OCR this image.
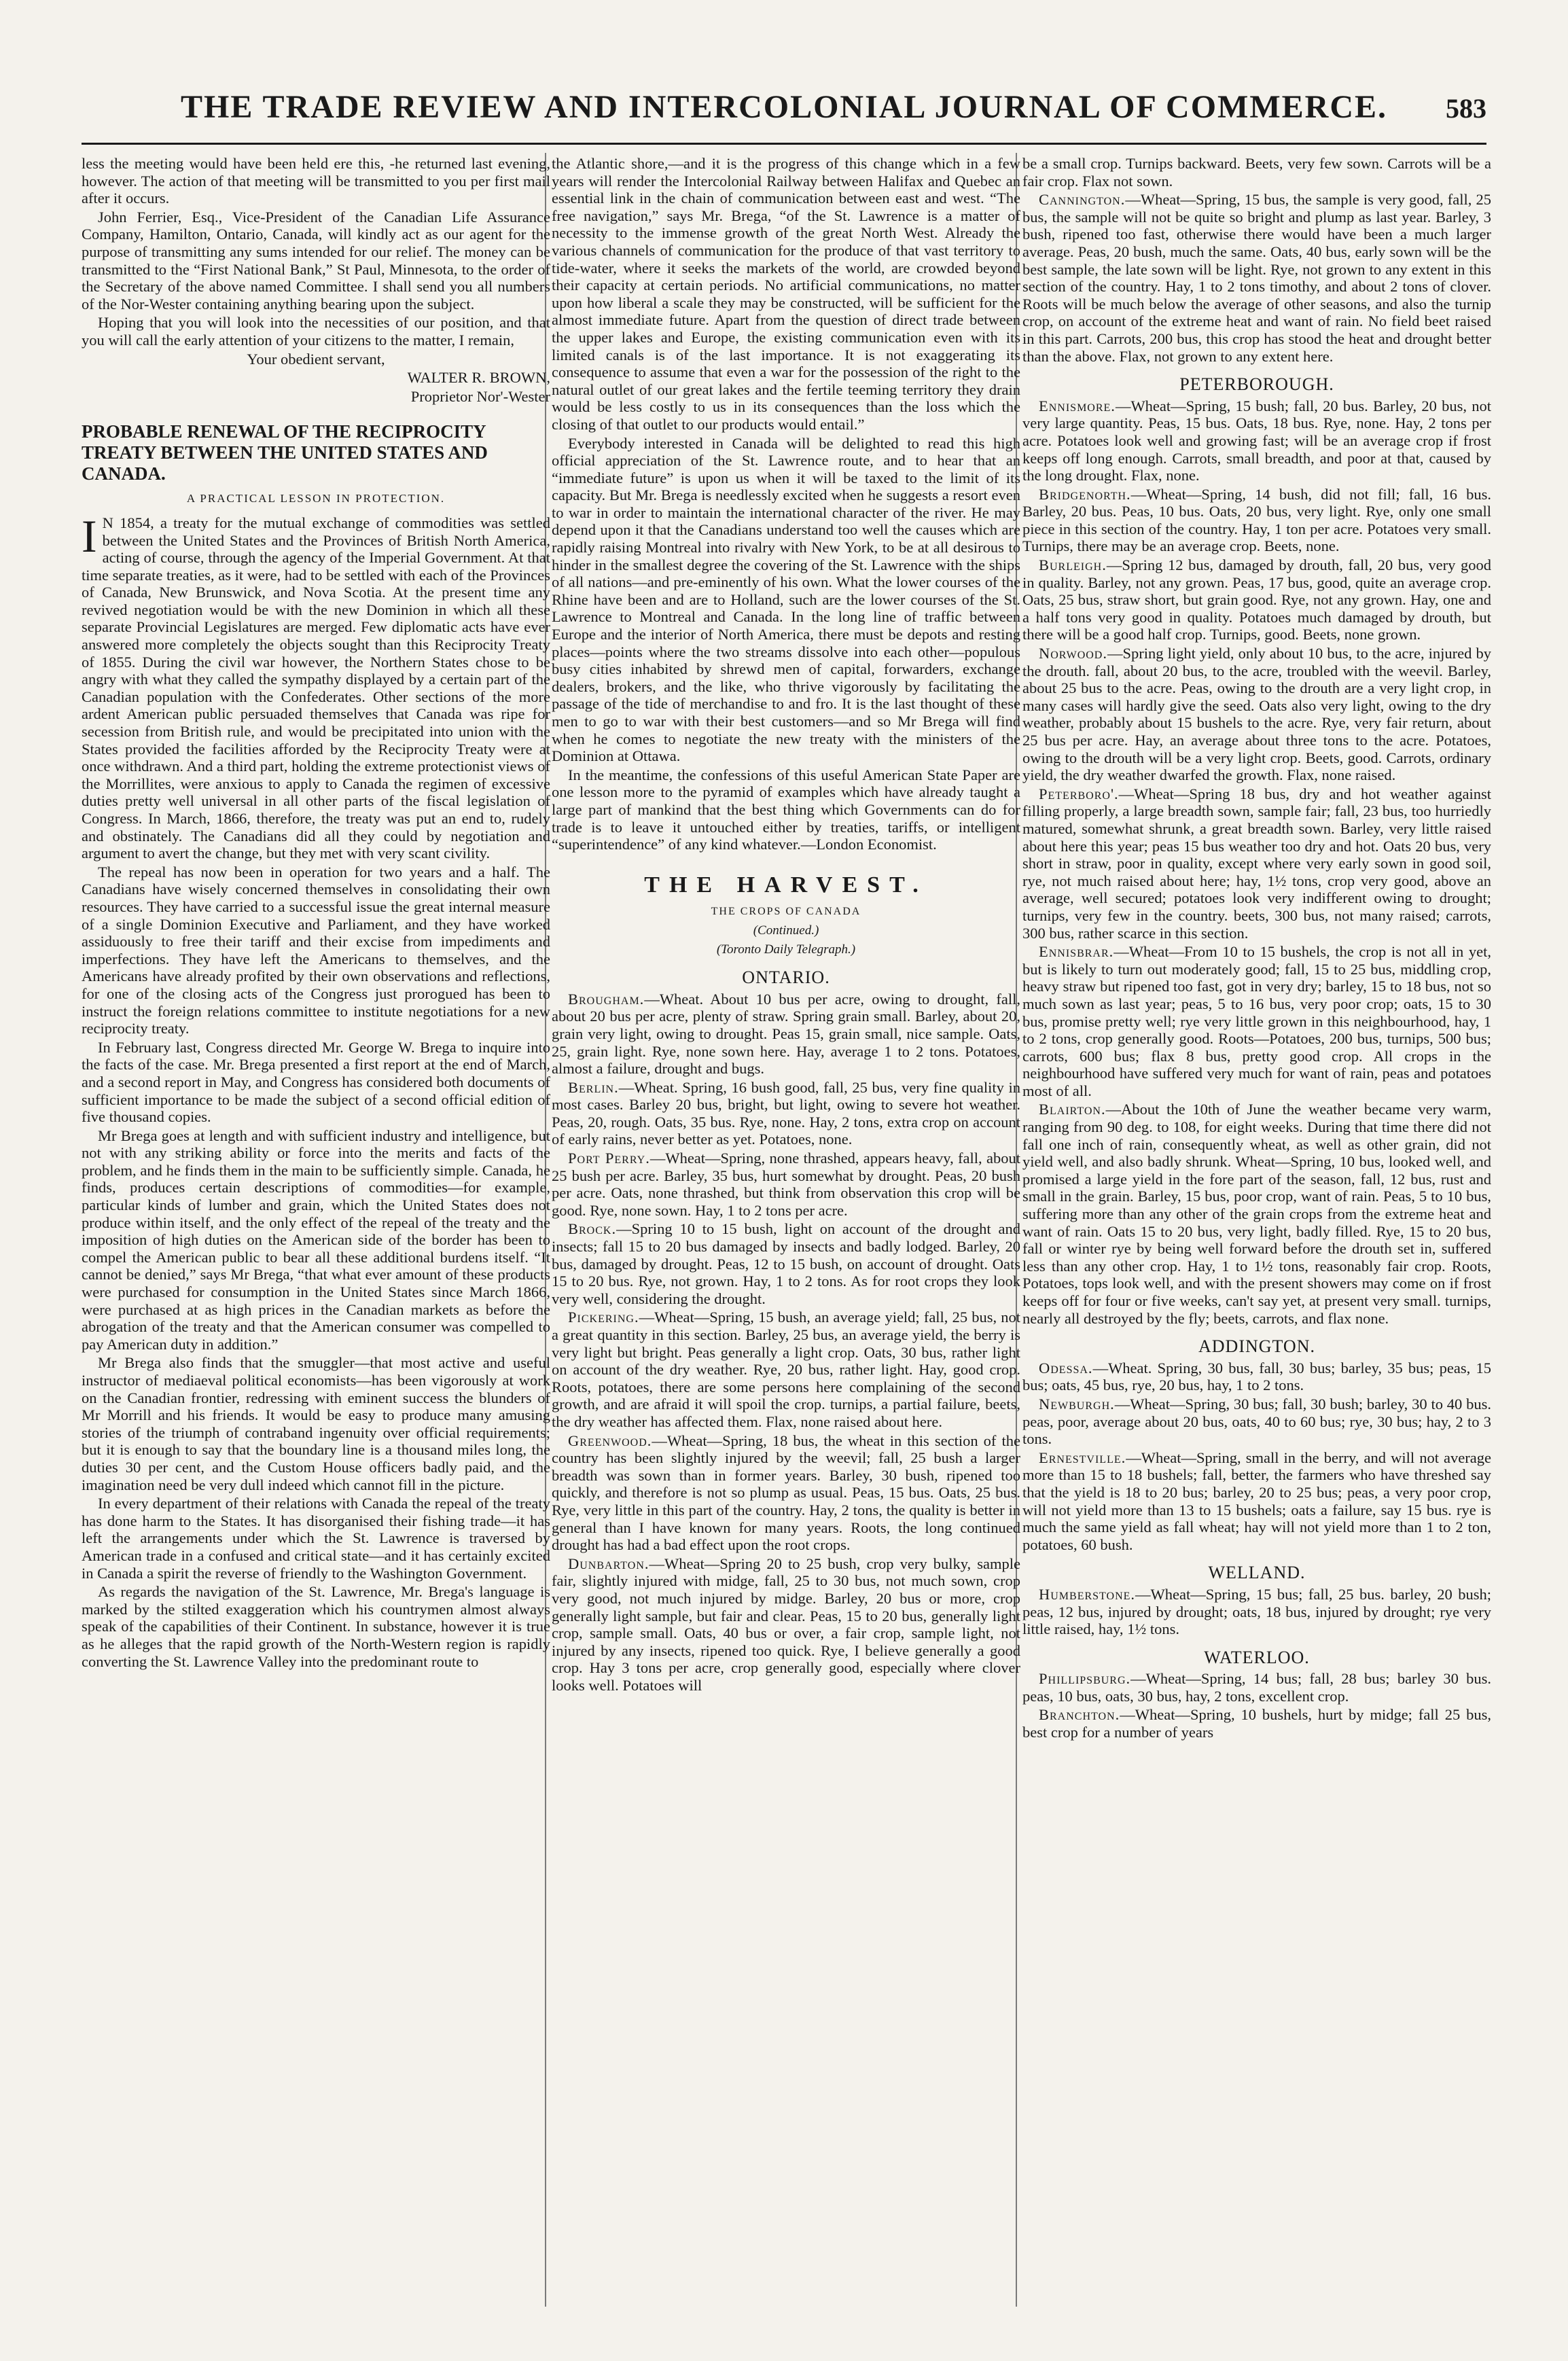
THE TRADE REVIEW AND INTERCOLONIAL JOURNAL OF COMMERCE.	583

less the meeting would have been held ere this, -he returned last evening, however. The action of that meeting will be transmitted to you per first mail after it occurs.

John Ferrier, Esq., Vice-President of the Canadian Life Assurance Company, Hamilton, Ontario, Canada, will kindly act as our agent for the purpose of transmitting any sums intended for our relief. The money can be transmitted to the “First National Bank,” St Paul, Minnesota, to the order of the Secretary of the above named Committee. I shall send you all numbers of the Nor-Wester containing anything bearing upon the subject.

Hoping that you will look into the necessities of our position, and that you will call the early attention of your citizens to the matter, I remain,

Your obedient servant,

WALTER R. BROWN,

Proprietor Nor'-Wester

PROBABLE RENEWAL OF THE RECIPROCITY TREATY BETWEEN THE UNITED STATES AND CANADA.
A PRACTICAL LESSON IN PROTECTION.

I N 1854, a treaty for the mutual exchange of commodities was settled between the United States and the Provinces of British North America, acting of course, through the agency of the Imperial Government. At that time separate treaties, as it were, had to be settled with each of the Provinces of Canada, New Brunswick, and Nova Scotia. At the present time any revived negotiation would be with the new Dominion in which all these separate Provincial Legislatures are merged. Few diplomatic acts have ever answered more completely the objects sought than this Reciprocity Treaty of 1855. During the civil war however, the Northern States chose to be angry with what they called the sympathy displayed by a certain part of the Canadian population with the Confederates. Other sections of the more ardent American public persuaded themselves that Canada was ripe for secession from British rule, and would be precipitated into union with the States provided the facilities afforded by the Reciprocity Treaty were at once withdrawn. And a third part, holding the extreme protectionist views of the Morrillites, were anxious to apply to Canada the regimen of excessive duties pretty well universal in all other parts of the fiscal legislation of Congress. In March, 1866, therefore, the treaty was put an end to, rudely and obstinately. The Canadians did all they could by negotiation and argument to avert the change, but they met with very scant civility.

The repeal has now been in operation for two years and a half. The Canadians have wisely concerned themselves in consolidating their own resources. They have carried to a successful issue the great internal measure of a single Dominion Executive and Parliament, and they have worked assiduously to free their tariff and their excise from impediments and imperfections. They have left the Americans to themselves, and the Americans have already profited by their own observations and reflections, for one of the closing acts of the Congress just prorogued has been to instruct the foreign relations committee to institute negotiations for a new reciprocity treaty.

In February last, Congress directed Mr. George W. Brega to inquire into the facts of the case. Mr. Brega presented a first report at the end of March, and a second report in May, and Congress has considered both documents of sufficient importance to be made the subject of a second official edition of five thousand copies.

Mr Brega goes at length and with sufficient industry and intelligence, but not with any striking ability or force into the merits and facts of the problem, and he finds them in the main to be sufficiently simple. Canada, he finds, produces certain descriptions of commodities—for example, particular kinds of lumber and grain, which the United States does not produce within itself, and the only effect of the repeal of the treaty and the imposition of high duties on the American side of the border has been to compel the American public to bear all these additional burdens itself. “It cannot be denied,” says Mr Brega, “that what ever amount of these products were purchased for consumption in the United States since March 1866, were purchased at as high prices in the Canadian markets as before the abrogation of the treaty and that the American consumer was compelled to pay American duty in addition.”

Mr Brega also finds that the smuggler—that most active and useful instructor of mediaeval political economists—has been vigorously at work on the Canadian frontier, redressing with eminent success the blunders of Mr Morrill and his friends. It would be easy to produce many amusing stories of the triumph of contraband ingenuity over official requirements; but it is enough to say that the boundary line is a thousand miles long, the duties 30 per cent, and the Custom House officers badly paid, and the imagination need be very dull indeed which cannot fill in the picture.

In every department of their relations with Canada the repeal of the treaty has done harm to the States. It has disorganised their fishing trade—it has left the arrangements under which the St. Lawrence is traversed by American trade in a confused and critical state—and it has certainly excited in Canada a spirit the reverse of friendly to the Washington Government.

As regards the navigation of the St. Lawrence, Mr. Brega's language is marked by the stilted exaggeration which his countrymen almost always speak of the capabilities of their Continent. In substance, however it is true as he alleges that the rapid growth of the North-Western region is rapidly converting the St. Lawrence Valley into the predominant route to

the Atlantic shore,—and it is the progress of this change which in a few years will render the Intercolonial Railway between Halifax and Quebec an essential link in the chain of communication between east and west. “The free navigation,” says Mr. Brega, “of the St. Lawrence is a matter of necessity to the immense growth of the great North West. Already the various channels of communication for the produce of that vast territory to tide-water, where it seeks the markets of the world, are crowded beyond their capacity at certain periods. No artificial communications, no matter upon how liberal a scale they may be constructed, will be sufficient for the almost immediate future. Apart from the question of direct trade between the upper lakes and Europe, the existing communication even with its limited canals is of the last importance. It is not exaggerating its consequence to assume that even a war for the possession of the right to the natural outlet of our great lakes and the fertile teeming territory they drain would be less costly to us in its consequences than the loss which the closing of that outlet to our products would entail.”

Everybody interested in Canada will be delighted to read this high official appreciation of the St. Lawrence route, and to hear that an “immediate future” is upon us when it will be taxed to the limit of its capacity. But Mr. Brega is needlessly excited when he suggests a resort even to war in order to maintain the international character of the river. He may depend upon it that the Canadians understand too well the causes which are rapidly raising Montreal into rivalry with New York, to be at all desirous to hinder in the smallest degree the covering of the St. Lawrence with the ships of all nations—and pre-eminently of his own. What the lower courses of the Rhine have been and are to Holland, such are the lower courses of the St. Lawrence to Montreal and Canada. In the long line of traffic between Europe and the interior of North America, there must be depots and resting places—points where the two streams dissolve into each other—populous busy cities inhabited by shrewd men of capital, forwarders, exchange dealers, brokers, and the like, who thrive vigorously by facilitating the passage of the tide of merchandise to and fro. It is the last thought of these men to go to war with their best customers—and so Mr Brega will find when he comes to negotiate the new treaty with the ministers of the Dominion at Ottawa.

In the meantime, the confessions of this useful American State Paper are one lesson more to the pyramid of examples which have already taught a large part of mankind that the best thing which Governments can do for trade is to leave it untouched either by treaties, tariffs, or intelligent “superintendence” of any kind whatever.—London Economist.

THE HARVEST.
THE CROPS OF CANADA
(Continued.)
(Toronto Daily Telegraph.)
ONTARIO.

Brougham.—Wheat. About 10 bus per acre, owing to drought, fall, about 20 bus per acre, plenty of straw. Spring grain small. Barley, about 20, grain very light, owing to drought. Peas 15, grain small, nice sample. Oats, 25, grain light. Rye, none sown here. Hay, average 1 to 2 tons. Potatoes, almost a failure, drought and bugs.

Berlin.—Wheat. Spring, 16 bush good, fall, 25 bus, very fine quality in most cases. Barley 20 bus, bright, but light, owing to severe hot weather. Peas, 20, rough. Oats, 35 bus. Rye, none. Hay, 2 tons, extra crop on account of early rains, never better as yet. Potatoes, none.

Port Perry.—Wheat—Spring, none thrashed, appears heavy, fall, about 25 bush per acre. Barley, 35 bus, hurt somewhat by drought. Peas, 20 bush per acre. Oats, none thrashed, but think from observation this crop will be good. Rye, none sown. Hay, 1 to 2 tons per acre.

Brock.—Spring 10 to 15 bush, light on account of the drought and insects; fall 15 to 20 bus damaged by insects and badly lodged. Barley, 20 bus, damaged by drought. Peas, 12 to 15 bush, on account of drought. Oats 15 to 20 bus. Rye, not grown. Hay, 1 to 2 tons. As for root crops they look very well, considering the drought.

Pickering.—Wheat—Spring, 15 bush, an average yield; fall, 25 bus, not a great quantity in this section. Barley, 25 bus, an average yield, the berry is very light but bright. Peas generally a light crop. Oats, 30 bus, rather light on account of the dry weather. Rye, 20 bus, rather light. Hay, good crop. Roots, potatoes, there are some persons here complaining of the second growth, and are afraid it will spoil the crop. turnips, a partial failure, beets, the dry weather has affected them. Flax, none raised about here.

Greenwood.—Wheat—Spring, 18 bus, the wheat in this section of the country has been slightly injured by the weevil; fall, 25 bush a larger breadth was sown than in former years. Barley, 30 bush, ripened too quickly, and therefore is not so plump as usual. Peas, 15 bus. Oats, 25 bus. Rye, very little in this part of the country. Hay, 2 tons, the quality is better in general than I have known for many years. Roots, the long continued drought has had a bad effect upon the root crops.

Dunbarton.—Wheat—Spring 20 to 25 bush, crop very bulky, sample fair, slightly injured with midge, fall, 25 to 30 bus, not much sown, crop very good, not much injured by midge. Barley, 20 bus or more, crop generally light sample, but fair and clear. Peas, 15 to 20 bus, generally light crop, sample small. Oats, 40 bus or over, a fair crop, sample light, not injured by any insects, ripened too quick. Rye, I believe generally a good crop. Hay 3 tons per acre, crop generally good, especially where clover looks well. Potatoes will

be a small crop. Turnips backward. Beets, very few sown. Carrots will be a fair crop. Flax not sown.

Cannington.—Wheat—Spring, 15 bus, the sample is very good, fall, 25 bus, the sample will not be quite so bright and plump as last year. Barley, 3 bush, ripened too fast, otherwise there would have been a much larger average. Peas, 20 bush, much the same. Oats, 40 bus, early sown will be the best sample, the late sown will be light. Rye, not grown to any extent in this section of the country. Hay, 1 to 2 tons timothy, and about 2 tons of clover. Roots will be much below the average of other seasons, and also the turnip crop, on account of the extreme heat and want of rain. No field beet raised in this part. Carrots, 200 bus, this crop has stood the heat and drought better than the above. Flax, not grown to any extent here.

PETERBOROUGH.

Ennismore.—Wheat—Spring, 15 bush; fall, 20 bus. Barley, 20 bus, not very large quantity. Peas, 15 bus. Oats, 18 bus. Rye, none. Hay, 2 tons per acre. Potatoes look well and growing fast; will be an average crop if frost keeps off long enough. Carrots, small breadth, and poor at that, caused by the long drought. Flax, none.

Bridgenorth.—Wheat—Spring, 14 bush, did not fill; fall, 16 bus. Barley, 20 bus. Peas, 10 bus. Oats, 20 bus, very light. Rye, only one small piece in this section of the country. Hay, 1 ton per acre. Potatoes very small. Turnips, there may be an average crop. Beets, none.

Burleigh.—Spring 12 bus, damaged by drouth, fall, 20 bus, very good in quality. Barley, not any grown. Peas, 17 bus, good, quite an average crop. Oats, 25 bus, straw short, but grain good. Rye, not any grown. Hay, one and a half tons very good in quality. Potatoes much damaged by drouth, but there will be a good half crop. Turnips, good. Beets, none grown.

Norwood.—Spring light yield, only about 10 bus, to the acre, injured by the drouth. fall, about 20 bus, to the acre, troubled with the weevil. Barley, about 25 bus to the acre. Peas, owing to the drouth are a very light crop, in many cases will hardly give the seed. Oats also very light, owing to the dry weather, probably about 15 bushels to the acre. Rye, very fair return, about 25 bus per acre. Hay, an average about three tons to the acre. Potatoes, owing to the drouth will be a very light crop. Beets, good. Carrots, ordinary yield, the dry weather dwarfed the growth. Flax, none raised.

Peterboro'.—Wheat—Spring 18 bus, dry and hot weather against filling properly, a large breadth sown, sample fair; fall, 23 bus, too hurriedly matured, somewhat shrunk, a great breadth sown. Barley, very little raised about here this year; peas 15 bus weather too dry and hot. Oats 20 bus, very short in straw, poor in quality, except where very early sown in good soil, rye, not much raised about here; hay, 1½ tons, crop very good, above an average, well secured; potatoes look very indifferent owing to drought; turnips, very few in the country. beets, 300 bus, not many raised; carrots, 300 bus, rather scarce in this section.

Ennisbrar.—Wheat—From 10 to 15 bushels, the crop is not all in yet, but is likely to turn out moderately good; fall, 15 to 25 bus, middling crop, heavy straw but ripened too fast, got in very dry; barley, 15 to 18 bus, not so much sown as last year; peas, 5 to 16 bus, very poor crop; oats, 15 to 30 bus, promise pretty well; rye very little grown in this neighbourhood, hay, 1 to 2 tons, crop generally good. Roots—Potatoes, 200 bus, turnips, 500 bus; carrots, 600 bus; flax 8 bus, pretty good crop. All crops in the neighbourhood have suffered very much for want of rain, peas and potatoes most of all.

Blairton.—About the 10th of June the weather became very warm, ranging from 90 deg. to 108, for eight weeks. During that time there did not fall one inch of rain, consequently wheat, as well as other grain, did not yield well, and also badly shrunk. Wheat—Spring, 10 bus, looked well, and promised a large yield in the fore part of the season, fall, 12 bus, rust and small in the grain. Barley, 15 bus, poor crop, want of rain. Peas, 5 to 10 bus, suffering more than any other of the grain crops from the extreme heat and want of rain. Oats 15 to 20 bus, very light, badly filled. Rye, 15 to 20 bus, fall or winter rye by being well forward before the drouth set in, suffered less than any other crop. Hay, 1 to 1½ tons, reasonably fair crop. Roots, Potatoes, tops look well, and with the present showers may come on if frost keeps off for four or five weeks, can't say yet, at present very small. turnips, nearly all destroyed by the fly; beets, carrots, and flax none.

ADDINGTON.

Odessa.—Wheat. Spring, 30 bus, fall, 30 bus; barley, 35 bus; peas, 15 bus; oats, 45 bus, rye, 20 bus, hay, 1 to 2 tons.

Newburgh.—Wheat—Spring, 30 bus; fall, 30 bush; barley, 30 to 40 bus. peas, poor, average about 20 bus, oats, 40 to 60 bus; rye, 30 bus; hay, 2 to 3 tons.

Ernestville.—Wheat—Spring, small in the berry, and will not average more than 15 to 18 bushels; fall, better, the farmers who have threshed say that the yield is 18 to 20 bus; barley, 20 to 25 bus; peas, a very poor crop, will not yield more than 13 to 15 bushels; oats a failure, say 15 bus. rye is much the same yield as fall wheat; hay will not yield more than 1 to 2 ton, potatoes, 60 bush.

WELLAND.

Humberstone.—Wheat—Spring, 15 bus; fall, 25 bus. barley, 20 bush; peas, 12 bus, injured by drought; oats, 18 bus, injured by drought; rye very little raised, hay, 1½ tons.

WATERLOO.

Phillipsburg.—Wheat—Spring, 14 bus; fall, 28 bus; barley 30 bus. peas, 10 bus, oats, 30 bus, hay, 2 tons, excellent crop.

Branchton.—Wheat—Spring, 10 bushels, hurt by midge; fall 25 bus, best crop for a number of years
